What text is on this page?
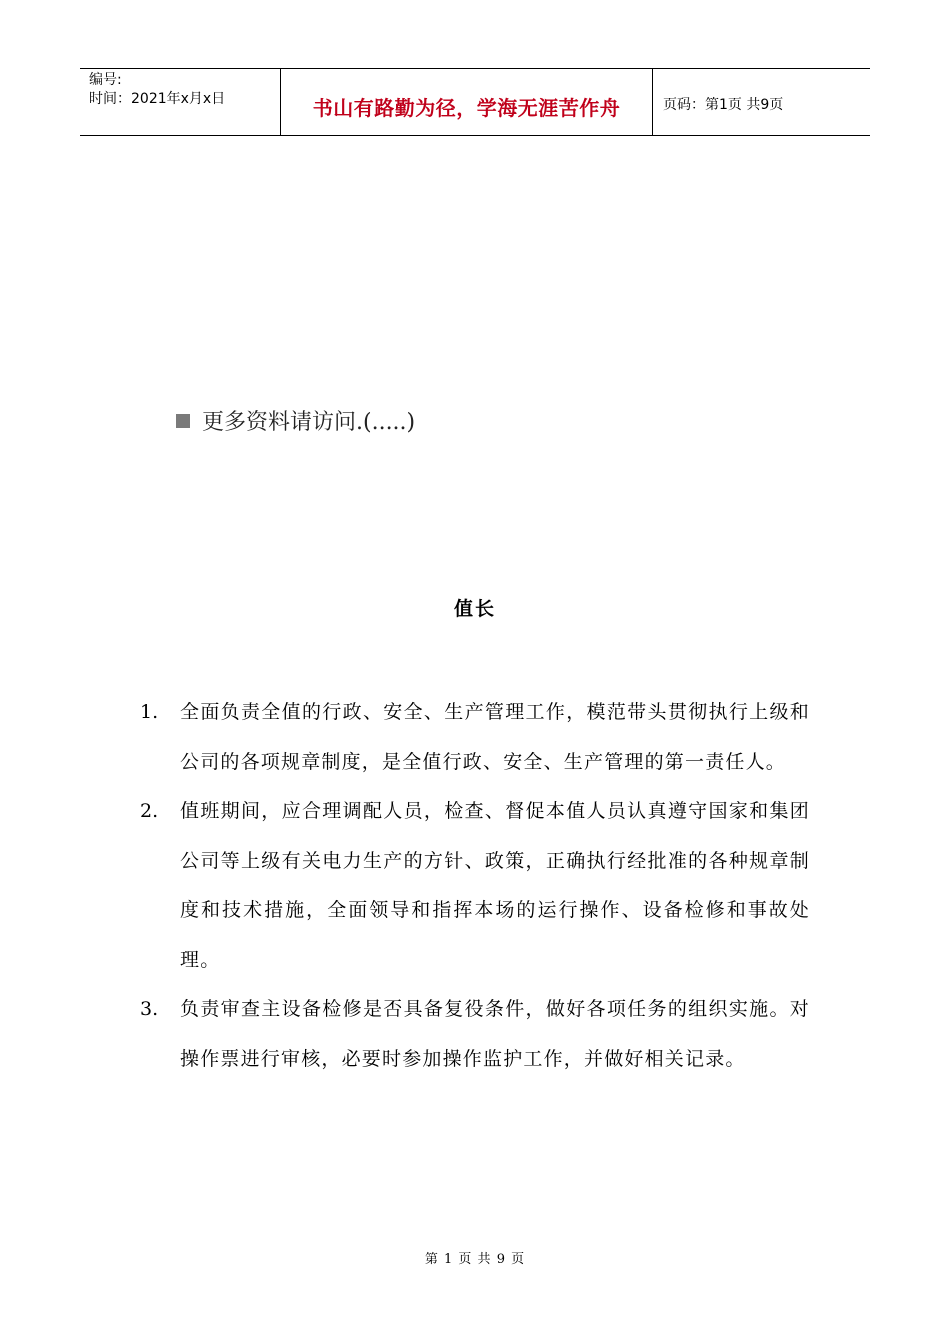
编号:
时间：2021年x月x日	书山有路勤为径，学海无涯苦作舟	页码：第1页 共9页
更多资料请访问.(.....)
值长
1.	全面负责全值的行政、安全、生产管理工作，模范带头贯彻执行上级和公司的各项规章制度，是全值行政、安全、生产管理的第一责任人。
2.	值班期间，应合理调配人员，检查、督促本值人员认真遵守国家和集团公司等上级有关电力生产的方针、政策，正确执行经批准的各种规章制度和技术措施，全面领导和指挥本场的运行操作、设备检修和事故处理。
3.	负责审查主设备检修是否具备复役条件，做好各项任务的组织实施。对操作票进行审核，必要时参加操作监护工作，并做好相关记录。
第 1 页 共 9 页
